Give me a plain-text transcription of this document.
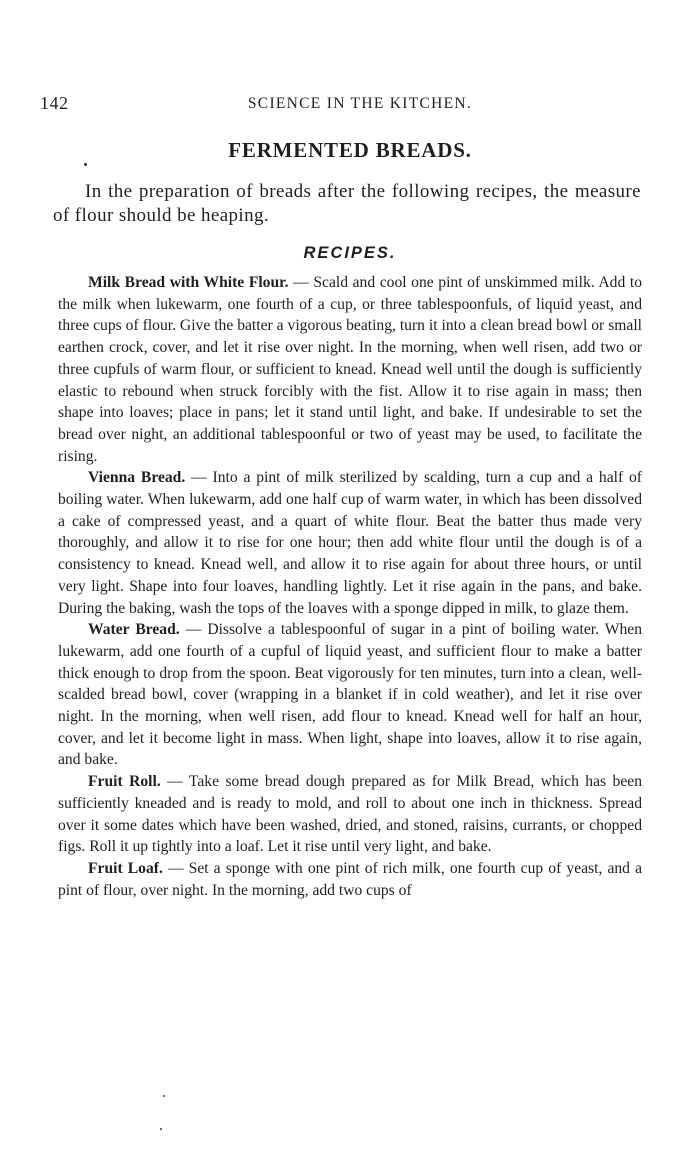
142	SCIENCE IN THE KITCHEN.
FERMENTED BREADS.

In the preparation of breads after the following recipes, the measure of flour should be heaping.

RECIPES.

Milk Bread with White Flour. — Scald and cool one pint of unskimmed milk. Add to the milk when lukewarm, one fourth of a cup, or three tablespoonfuls, of liquid yeast, and three cups of flour. Give the batter a vigorous beating, turn it into a clean bread bowl or small earthen crock, cover, and let it rise over night. In the morning, when well risen, add two or three cupfuls of warm flour, or sufficient to knead. Knead well until the dough is sufficiently elastic to rebound when struck forcibly with the fist. Allow it to rise again in mass; then shape into loaves; place in pans; let it stand until light, and bake. If undesirable to set the bread over night, an additional tablespoonful or two of yeast may be used, to facilitate the rising.

Vienna Bread. — Into a pint of milk sterilized by scalding, turn a cup and a half of boiling water. When lukewarm, add one half cup of warm water, in which has been dissolved a cake of compressed yeast, and a quart of white flour. Beat the batter thus made very thoroughly, and allow it to rise for one hour; then add white flour until the dough is of a consistency to knead. Knead well, and allow it to rise again for about three hours, or until very light. Shape into four loaves, handling lightly. Let it rise again in the pans, and bake. During the baking, wash the tops of the loaves with a sponge dipped in milk, to glaze them.

Water Bread. — Dissolve a tablespoonful of sugar in a pint of boiling water. When lukewarm, add one fourth of a cupful of liquid yeast, and sufficient flour to make a batter thick enough to drop from the spoon. Beat vigorously for ten minutes, turn into a clean, well-scalded bread bowl, cover (wrapping in a blanket if in cold weather), and let it rise over night. In the morning, when well risen, add flour to knead. Knead well for half an hour, cover, and let it become light in mass. When light, shape into loaves, allow it to rise again, and bake.

Fruit Roll. — Take some bread dough prepared as for Milk Bread, which has been sufficiently kneaded and is ready to mold, and roll to about one inch in thickness. Spread over it some dates which have been washed, dried, and stoned, raisins, currants, or chopped figs. Roll it up tightly into a loaf. Let it rise until very light, and bake.

Fruit Loaf. — Set a sponge with one pint of rich milk, one fourth cup of yeast, and a pint of flour, over night. In the morning, add two cups of
